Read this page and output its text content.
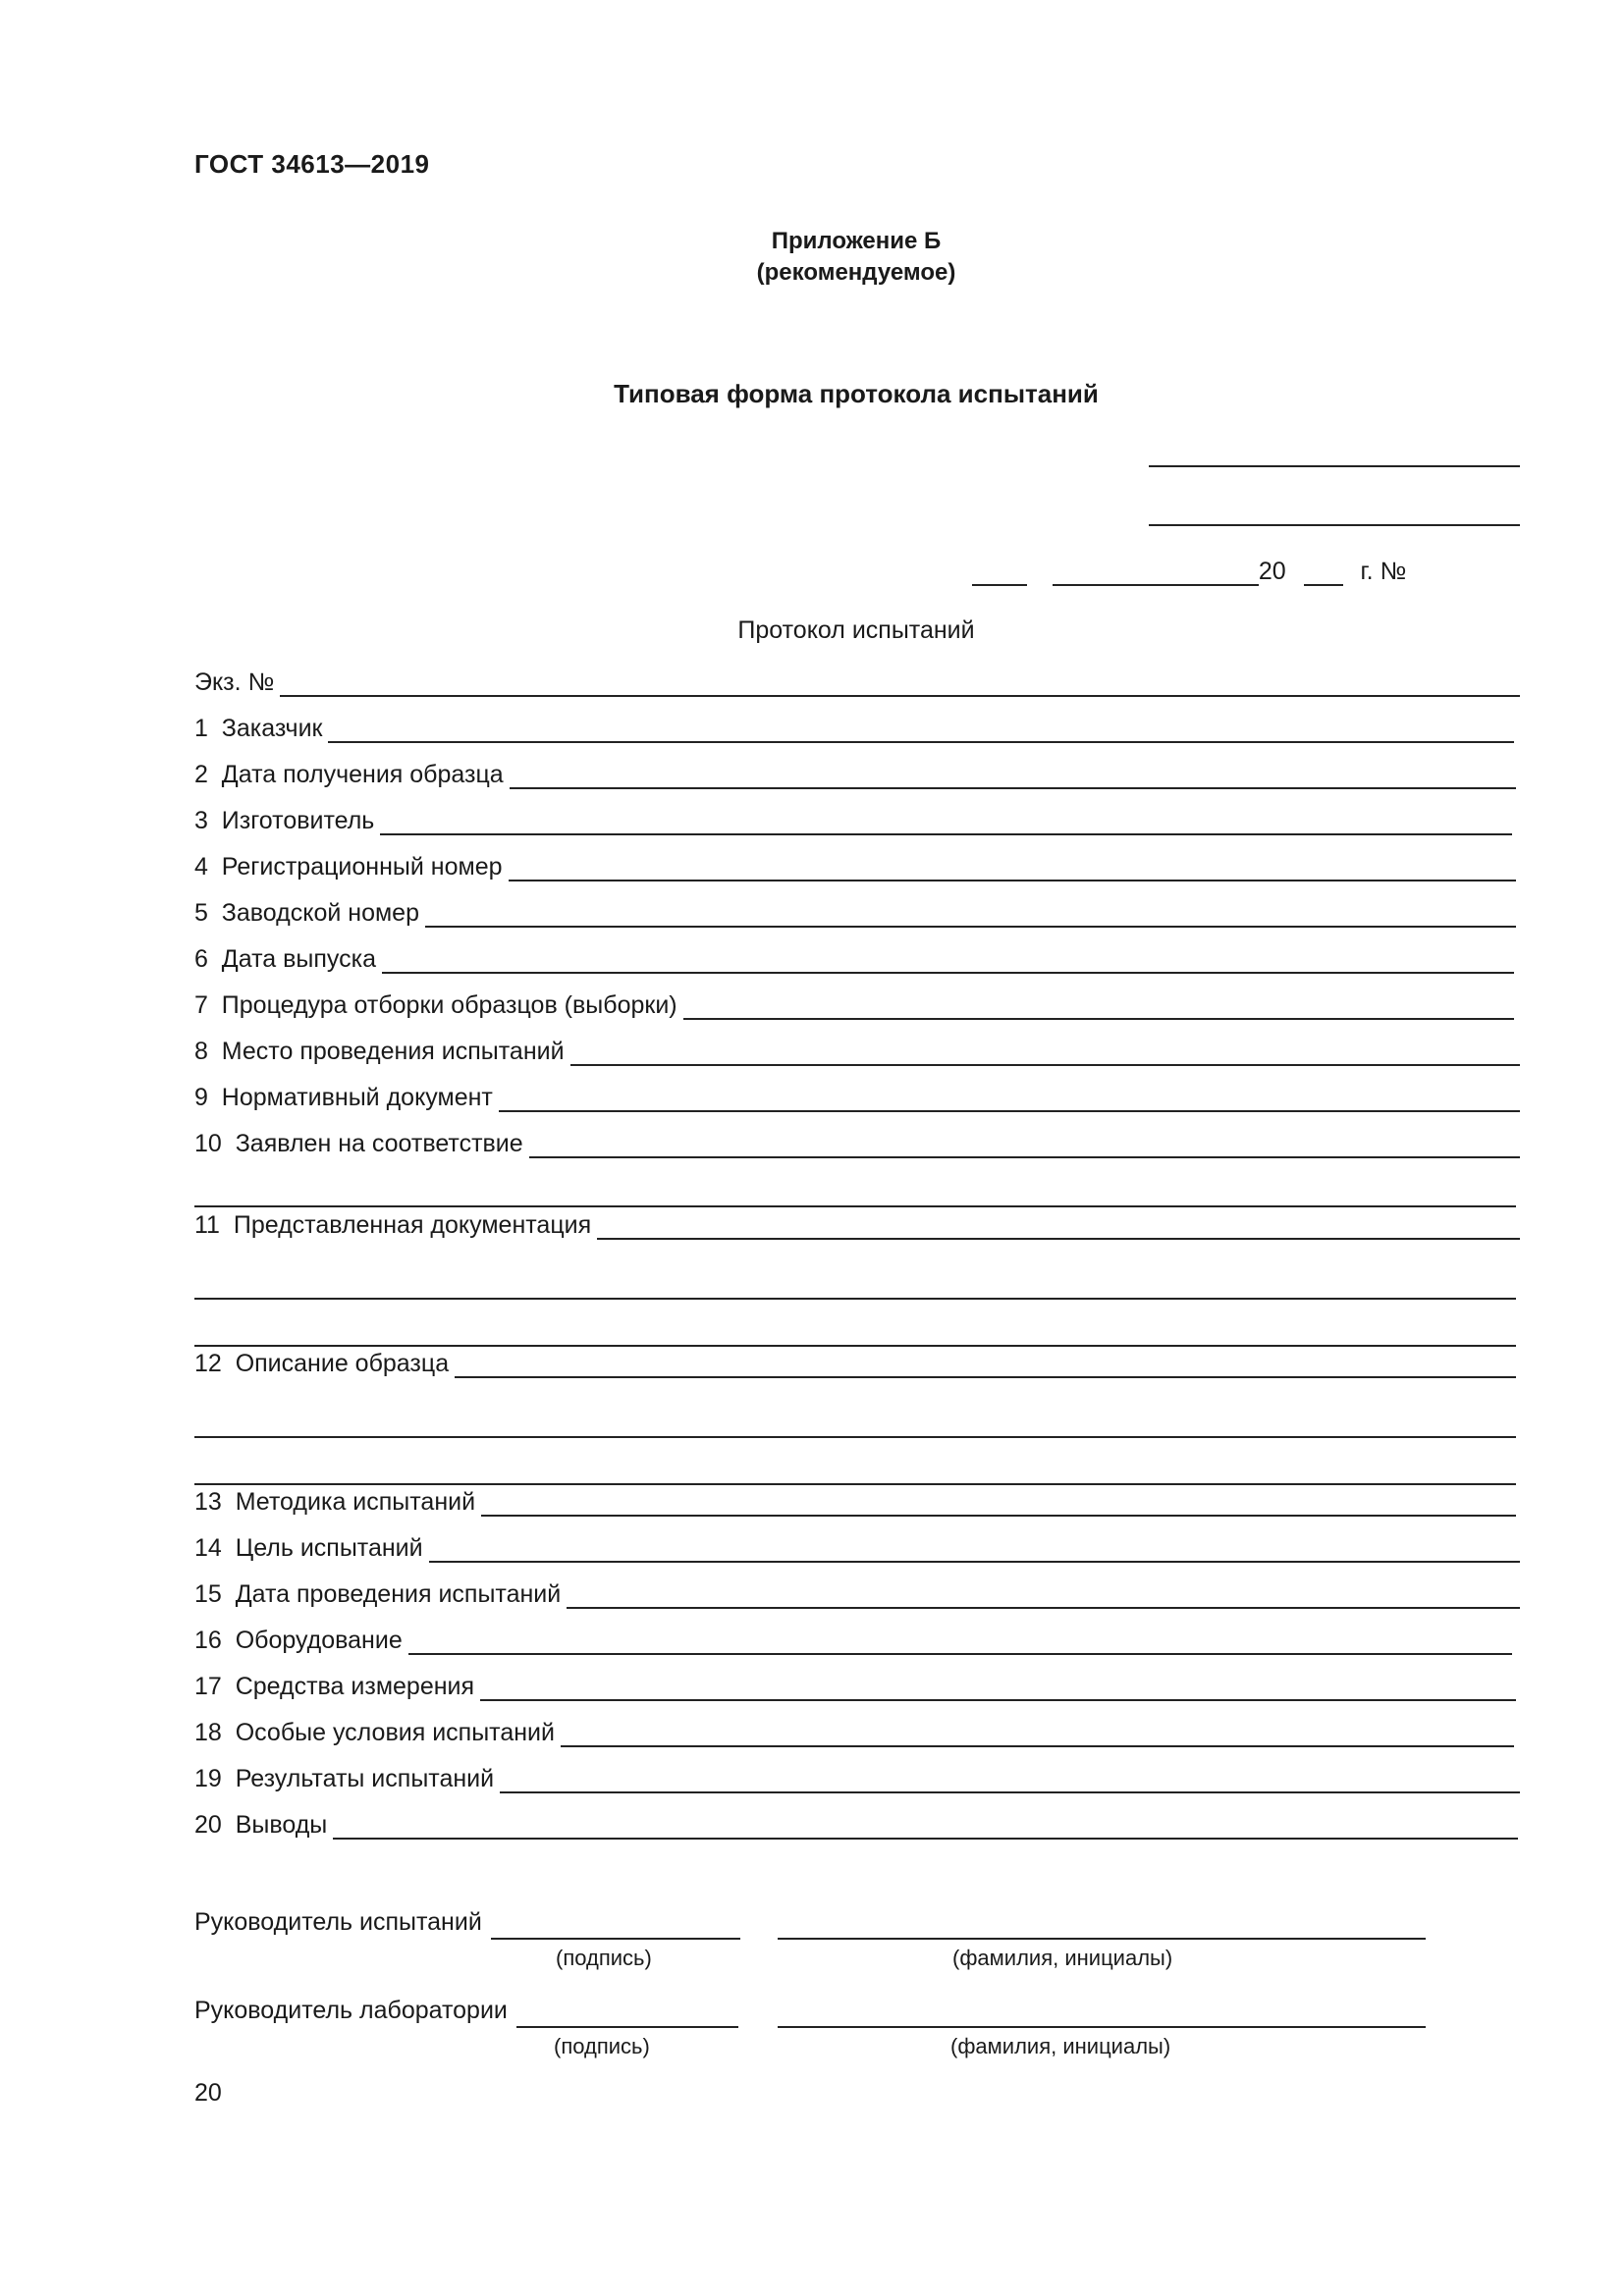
ГОСТ 34613—2019
Приложение Б
(рекомендуемое)
Типовая форма протокола испытаний
20	г. №
Протокол испытаний
Экз. №
1  Заказчик
2  Дата получения образца
3  Изготовитель
4  Регистрационный номер
5  Заводской номер
6  Дата выпуска
7  Процедура отборки образцов (выборки)
8  Место проведения испытаний
9  Нормативный документ
10  Заявлен на соответствие
11  Представленная документация
12  Описание образца
13  Методика испытаний
14  Цель испытаний
15  Дата проведения испытаний
16  Оборудование
17  Средства измерения
18  Особые условия испытаний
19  Результаты испытаний
20  Выводы
Руководитель испытаний
(подпись)	(фамилия, инициалы)
Руководитель лаборатории
(подпись)	(фамилия, инициалы)
20
